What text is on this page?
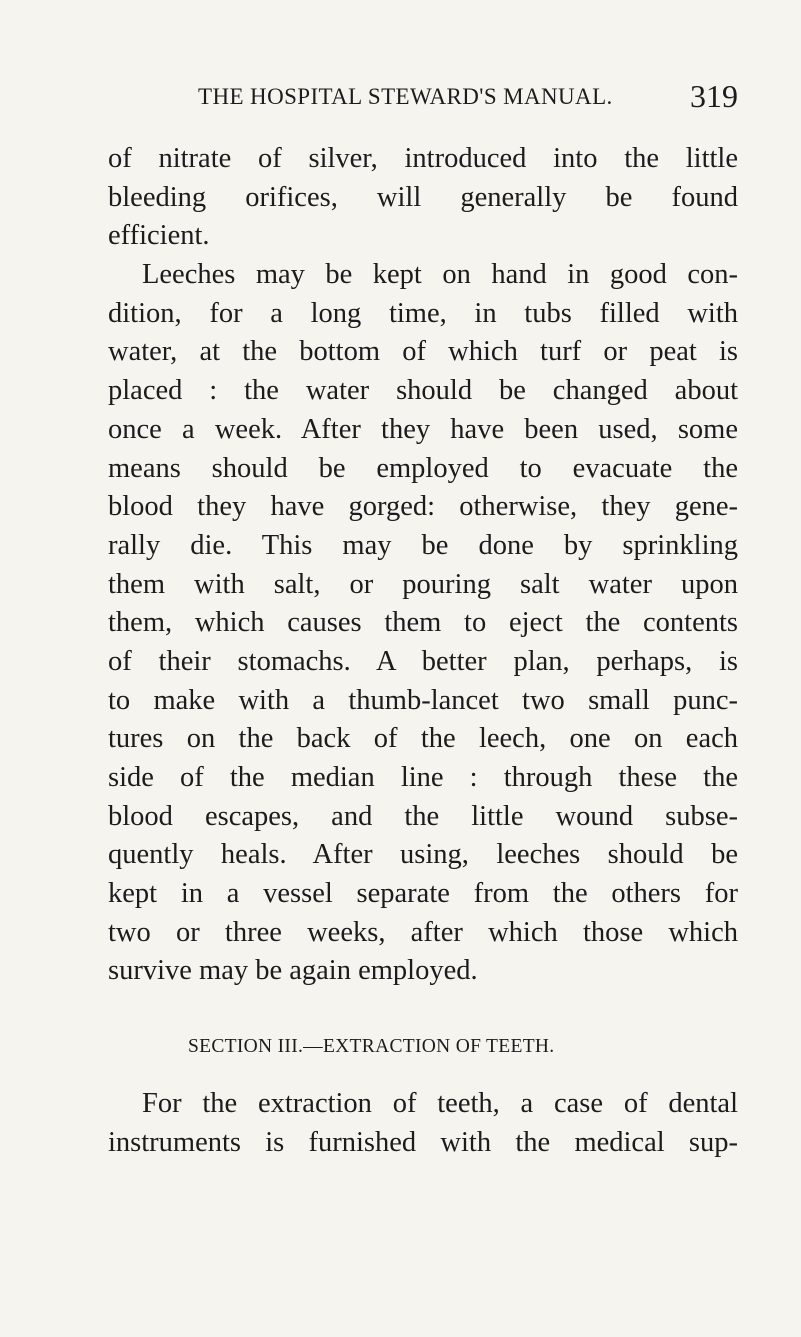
THE HOSPITAL STEWARD'S MANUAL. 319
of nitrate of silver, introduced into the little
bleeding orifices, will generally be found
efficient.
Leeches may be kept on hand in good con-
dition, for a long time, in tubs filled with
water, at the bottom of which turf or peat is
placed : the water should be changed about
once a week. After they have been used, some
means should be employed to evacuate the
blood they have gorged: otherwise, they gene-
rally die. This may be done by sprinkling
them with salt, or pouring salt water upon
them, which causes them to eject the contents
of their stomachs. A better plan, perhaps, is
to make with a thumb-lancet two small punc-
tures on the back of the leech, one on each
side of the median line : through these the
blood escapes, and the little wound subse-
quently heals. After using, leeches should be
kept in a vessel separate from the others for
two or three weeks, after which those which
survive may be again employed.
SECTION III.—EXTRACTION OF TEETH.
For the extraction of teeth, a case of dental
instruments is furnished with the medical sup-
